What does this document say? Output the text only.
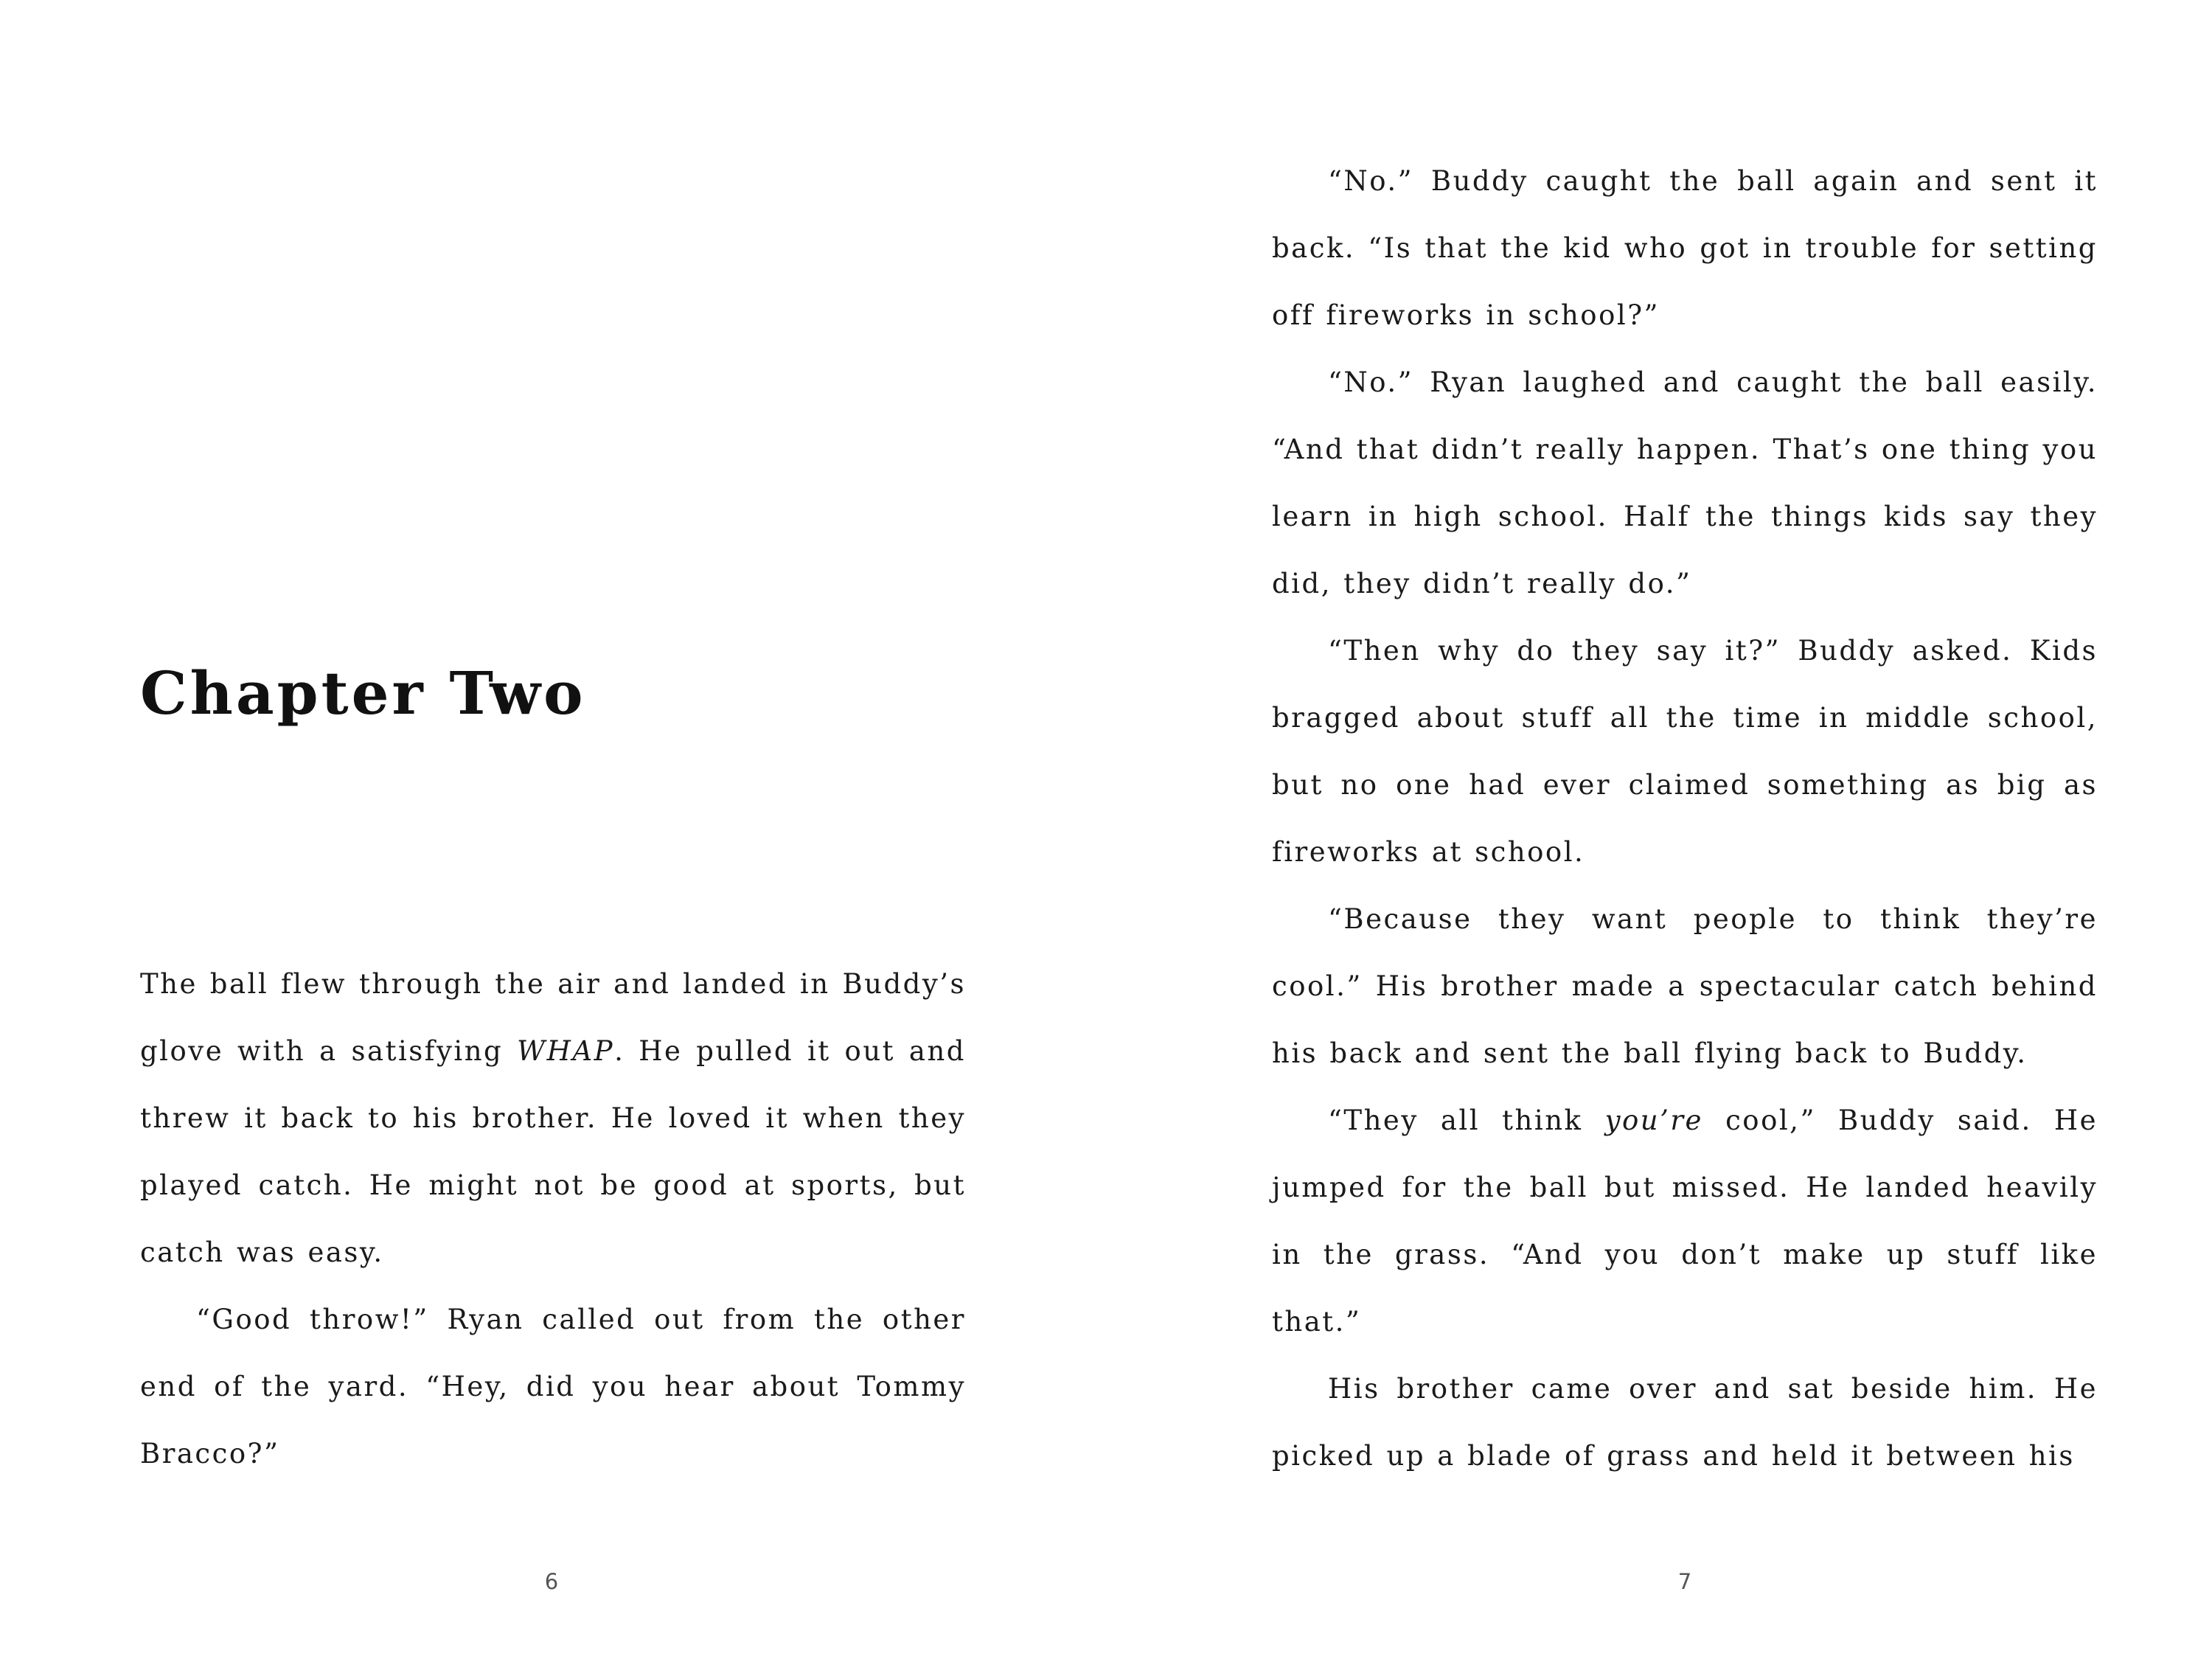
Chapter Two

The ball flew through the air and landed in Buddy’s glove with a satisfying WHAP. He pulled it out and threw it back to his brother. He loved it when they played catch. He might not be good at sports, but catch was easy.

“Good throw!” Ryan called out from the other end of the yard. “Hey, did you hear about Tommy Bracco?”

6

“No.” Buddy caught the ball again and sent it back. “Is that the kid who got in trouble for setting off fireworks in school?”

“No.” Ryan laughed and caught the ball easily. “And that didn’t really happen. That’s one thing you learn in high school. Half the things kids say they did, they didn’t really do.”

“Then why do they say it?” Buddy asked. Kids bragged about stuff all the time in middle school, but no one had ever claimed something as big as fireworks at school.

“Because they want people to think they’re cool.” His brother made a spectacular catch behind his back and sent the ball flying back to Buddy.

“They all think you’re cool,” Buddy said. He jumped for the ball but missed. He landed heavily in the grass. “And you don’t make up stuff like that.”

His brother came over and sat beside him. He picked up a blade of grass and held it between his

7
